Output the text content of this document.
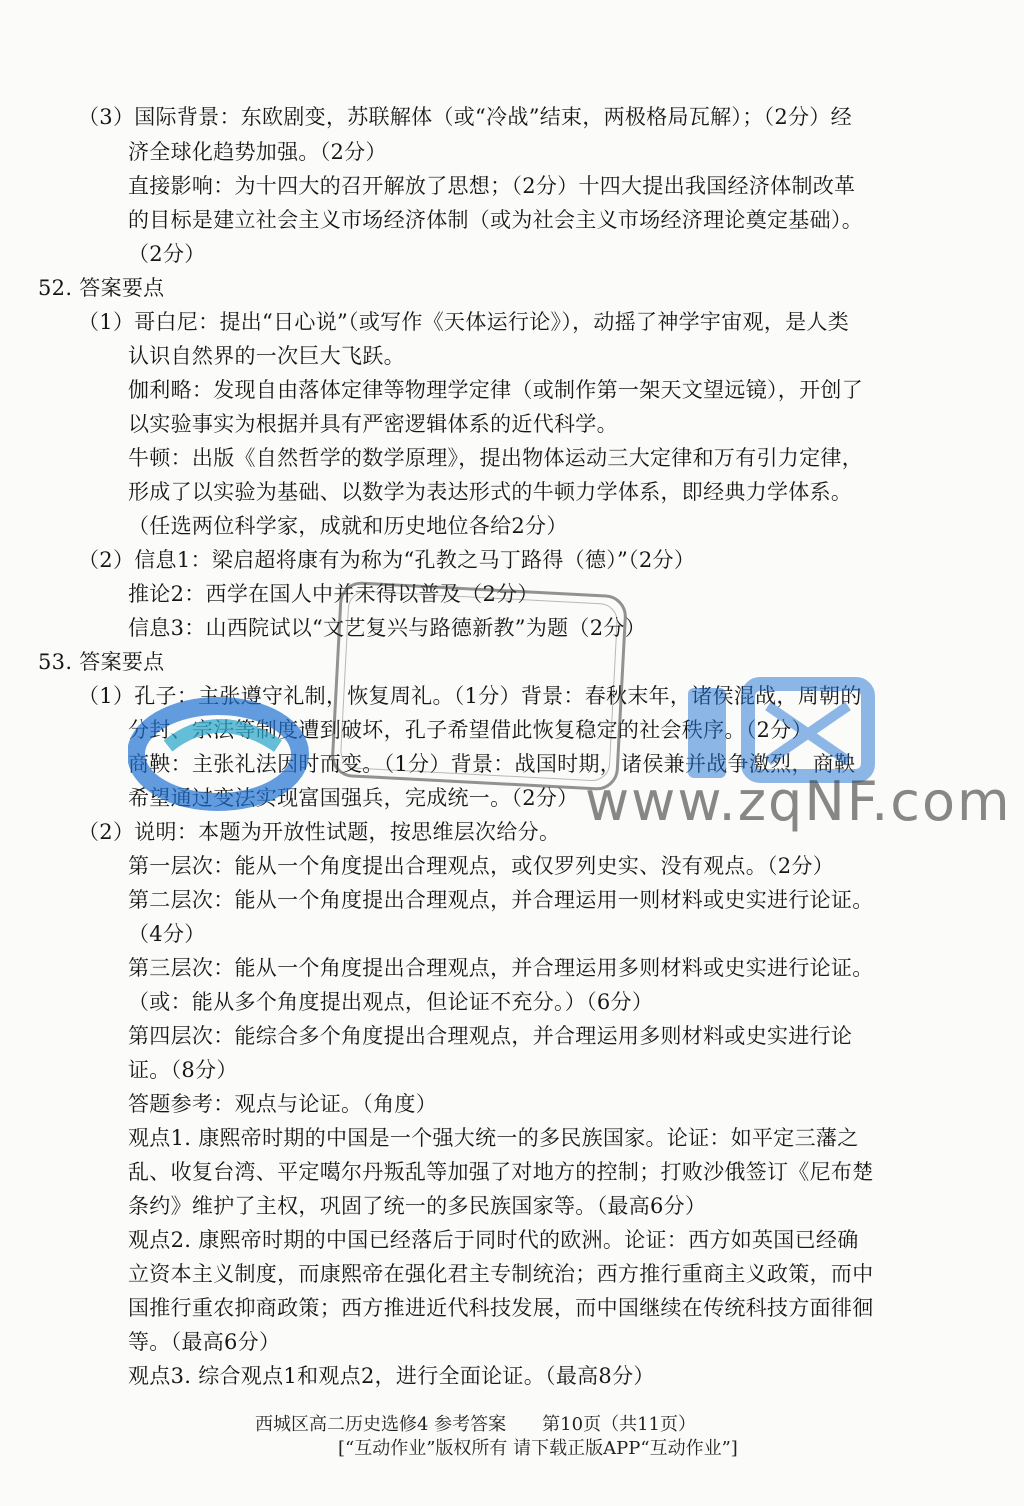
（3）国际背景：东欧剧变，苏联解体（或“冷战”结束，两极格局瓦解）；（2分）经
济全球化趋势加强。（2分）
直接影响：为十四大的召开解放了思想；（2分）十四大提出我国经济体制改革
的目标是建立社会主义市场经济体制（或为社会主义市场经济理论奠定基础）。
（2分）
52. 答案要点
（1）哥白尼：提出“日心说”（或写作《天体运行论》），动摇了神学宇宙观，是人类
认识自然界的一次巨大飞跃。
伽利略：发现自由落体定律等物理学定律（或制作第一架天文望远镜），开创了
以实验事实为根据并具有严密逻辑体系的近代科学。
牛顿：出版《自然哲学的数学原理》，提出物体运动三大定律和万有引力定律，
形成了以实验为基础、以数学为表达形式的牛顿力学体系，即经典力学体系。
（任选两位科学家，成就和历史地位各给2分）
（2）信息1：梁启超将康有为称为“孔教之马丁路得（德）”（2分）
推论2：西学在国人中并未得以普及（2分）
信息3：山西院试以“文艺复兴与路德新教”为题（2分）
53. 答案要点
（1）孔子：主张遵守礼制，恢复周礼。（1分）背景：春秋末年，诸侯混战，周朝的
分封、宗法等制度遭到破坏，孔子希望借此恢复稳定的社会秩序。（2分）
商鞅：主张礼法因时而变。（1分）背景：战国时期，诸侯兼并战争激烈，商鞅
希望通过变法实现富国强兵，完成统一。（2分）
（2）说明：本题为开放性试题，按思维层次给分。
第一层次：能从一个角度提出合理观点，或仅罗列史实、没有观点。（2分）
第二层次：能从一个角度提出合理观点，并合理运用一则材料或史实进行论证。
（4分）
第三层次：能从一个角度提出合理观点，并合理运用多则材料或史实进行论证。
（或：能从多个角度提出观点，但论证不充分。）（6分）
第四层次：能综合多个角度提出合理观点，并合理运用多则材料或史实进行论
证。（8分）
答题参考：观点与论证。（角度）
观点1. 康熙帝时期的中国是一个强大统一的多民族国家。论证：如平定三藩之
乱、收复台湾、平定噶尔丹叛乱等加强了对地方的控制；打败沙俄签订《尼布楚
条约》维护了主权，巩固了统一的多民族国家等。（最高6分）
观点2. 康熙帝时期的中国已经落后于同时代的欧洲。论证：西方如英国已经确
立资本主义制度，而康熙帝在强化君主专制统治；西方推行重商主义政策，而中
国推行重农抑商政策；西方推进近代科技发展，而中国继续在传统科技方面徘徊
等。（最高6分）
观点3. 综合观点1和观点2，进行全面论证。（最高8分）
www.zqNF.com
西城区高二历史选修4 参考答案　　第10页（共11页）
[“互动作业”版权所有 请下载正版APP“互动作业”]
